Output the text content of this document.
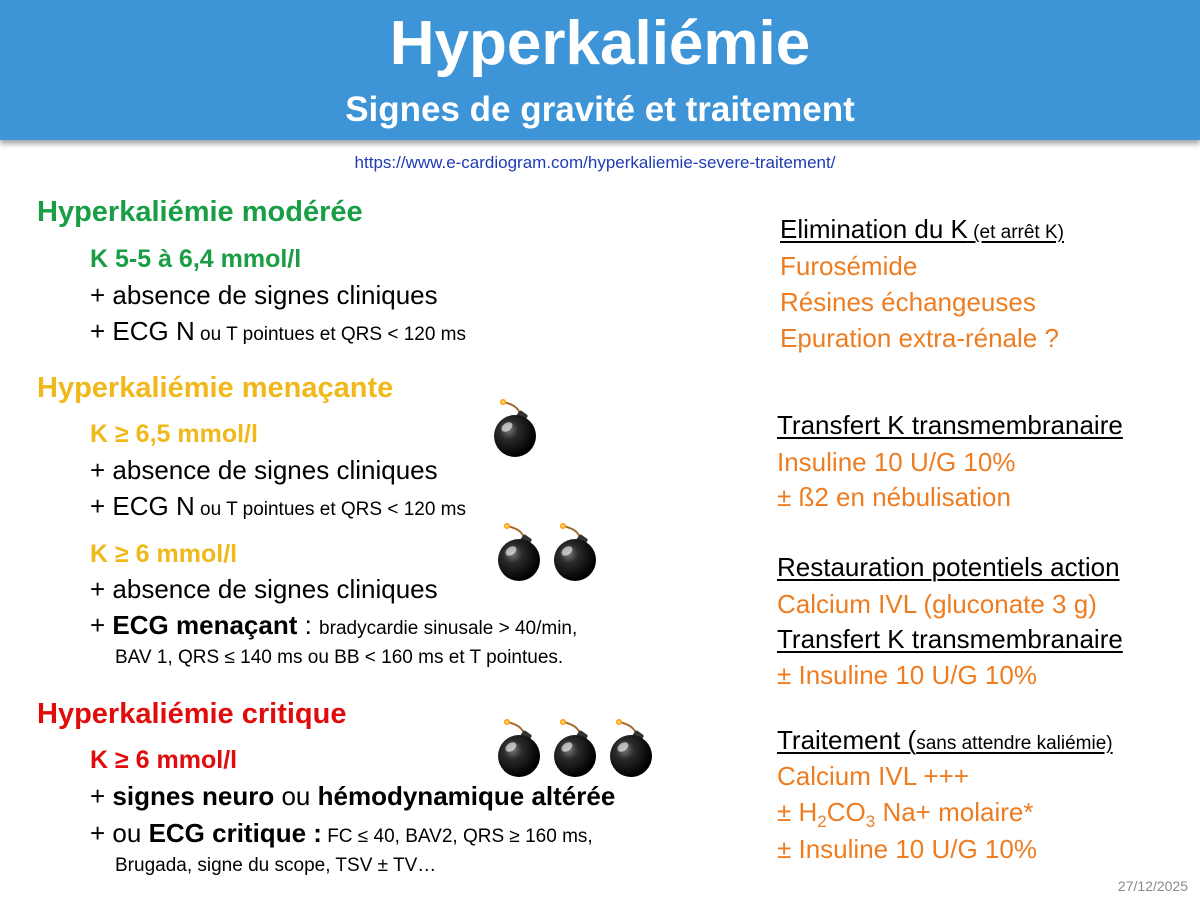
Hyperkaliémie
Signes de gravité et traitement
https://www.e-cardiogram.com/hyperkaliemie-severe-traitement/
Hyperkaliémie modérée
K 5-5 à 6,4 mmol/l
+ absence de signes cliniques
+ ECG N ou T pointues et QRS < 120 ms
Hyperkaliémie menaçante
K ≥ 6,5 mmol/l
+ absence de signes cliniques
+ ECG N ou T pointues et QRS < 120 ms
K ≥ 6 mmol/l
+ absence de signes cliniques
+ ECG menaçant : bradycardie sinusale > 40/min,
BAV 1, QRS ≤ 140 ms ou BB < 160 ms et T pointues.
Hyperkaliémie critique
K ≥ 6 mmol/l
+ signes neuro ou hémodynamique altérée
+ ou ECG critique : FC ≤ 40, BAV2, QRS ≥ 160 ms,
Brugada, signe du scope, TSV ± TV…
Elimination du K (et arrêt K)
Furosémide
Résines échangeuses
Epuration extra-rénale ?
Transfert K transmembranaire
Insuline 10 U/G 10%
± ß2 en nébulisation
Restauration potentiels action
Calcium IVL (gluconate 3 g)
Transfert K transmembranaire
± Insuline 10 U/G 10%
Traitement (sans attendre kaliémie)
Calcium IVL +++
± $H_2CO_3$ Na+ molaire*
± Insuline 10 U/G 10%
27/12/2025
